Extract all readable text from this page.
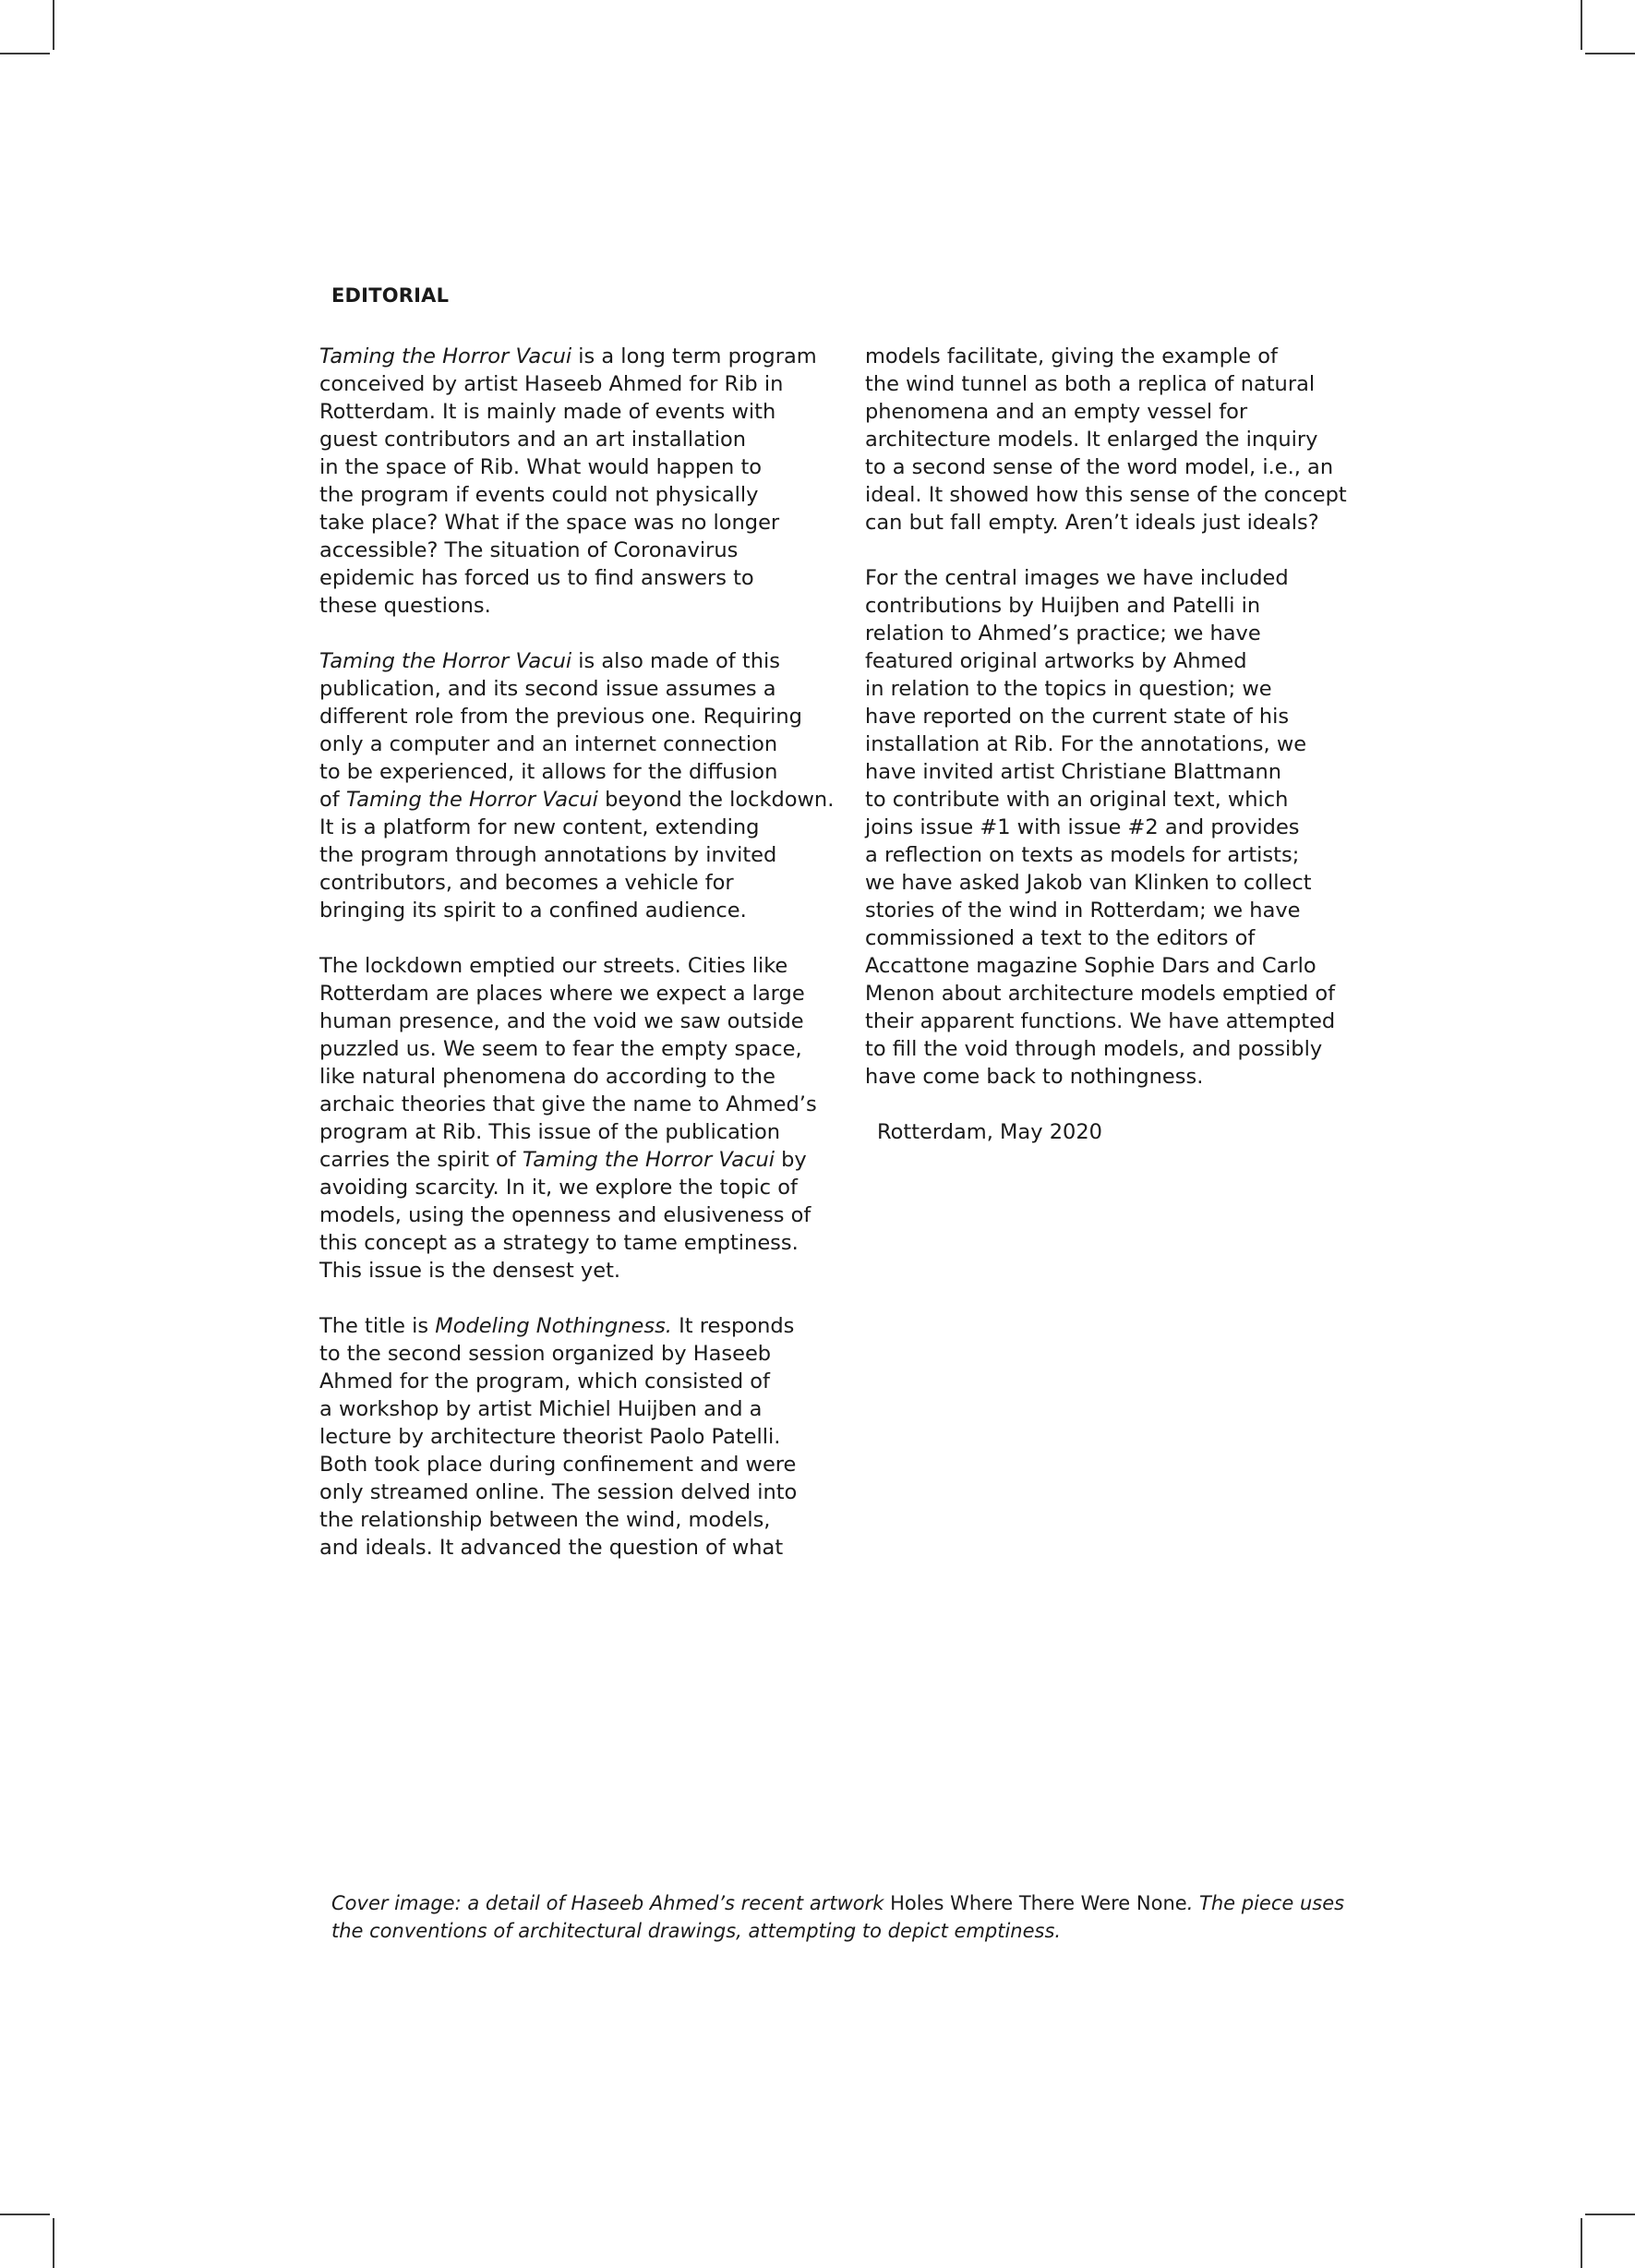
EDITORIAL
Taming the Horror Vacui is a long term program
conceived by artist Haseeb Ahmed for Rib in
Rotterdam. It is mainly made of events with
guest contributors and an art installation
in the space of Rib. What would happen to
the program if events could not physically
take place? What if the space was no longer
accessible? The situation of Coronavirus
epidemic has forced us to find answers to
these questions.
Taming the Horror Vacui is also made of this
publication, and its second issue assumes a
different role from the previous one. Requiring
only a computer and an internet connection
to be experienced, it allows for the diffusion
of Taming the Horror Vacui beyond the lockdown.
It is a platform for new content, extending
the program through annotations by invited
contributors, and becomes a vehicle for
bringing its spirit to a confined audience.
The lockdown emptied our streets. Cities like
Rotterdam are places where we expect a large
human presence, and the void we saw outside
puzzled us. We seem to fear the empty space,
like natural phenomena do according to the
archaic theories that give the name to Ahmed’s
program at Rib. This issue of the publication
carries the spirit of Taming the Horror Vacui by
avoiding scarcity. In it, we explore the topic of
models, using the openness and elusiveness of
this concept as a strategy to tame emptiness.
This issue is the densest yet.
The title is Modeling Nothingness. It responds
to the second session organized by Haseeb
Ahmed for the program, which consisted of
a workshop by artist Michiel Huijben and a
lecture by architecture theorist Paolo Patelli.
Both took place during confinement and were
only streamed online. The session delved into
the relationship between the wind, models,
and ideals. It advanced the question of what
models facilitate, giving the example of
the wind tunnel as both a replica of natural
phenomena and an empty vessel for
architecture models. It enlarged the inquiry
to a second sense of the word model, i.e., an
ideal. It showed how this sense of the concept
can but fall empty. Aren’t ideals just ideals?
For the central images we have included
contributions by Huijben and Patelli in
relation to Ahmed’s practice; we have
featured original artworks by Ahmed
in relation to the topics in question; we
have reported on the current state of his
installation at Rib. For the annotations, we
have invited artist Christiane Blattmann
to contribute with an original text, which
joins issue #1 with issue #2 and provides
a reflection on texts as models for artists;
we have asked Jakob van Klinken to collect
stories of the wind in Rotterdam; we have
commissioned a text to the editors of
Accattone magazine Sophie Dars and Carlo
Menon about architecture models emptied of
their apparent functions. We have attempted
to fill the void through models, and possibly
have come back to nothingness.
Rotterdam, May 2020
Cover image: a detail of Haseeb Ahmed’s recent artwork Holes Where There Were None. The piece uses
the conventions of architectural drawings, attempting to depict emptiness.
